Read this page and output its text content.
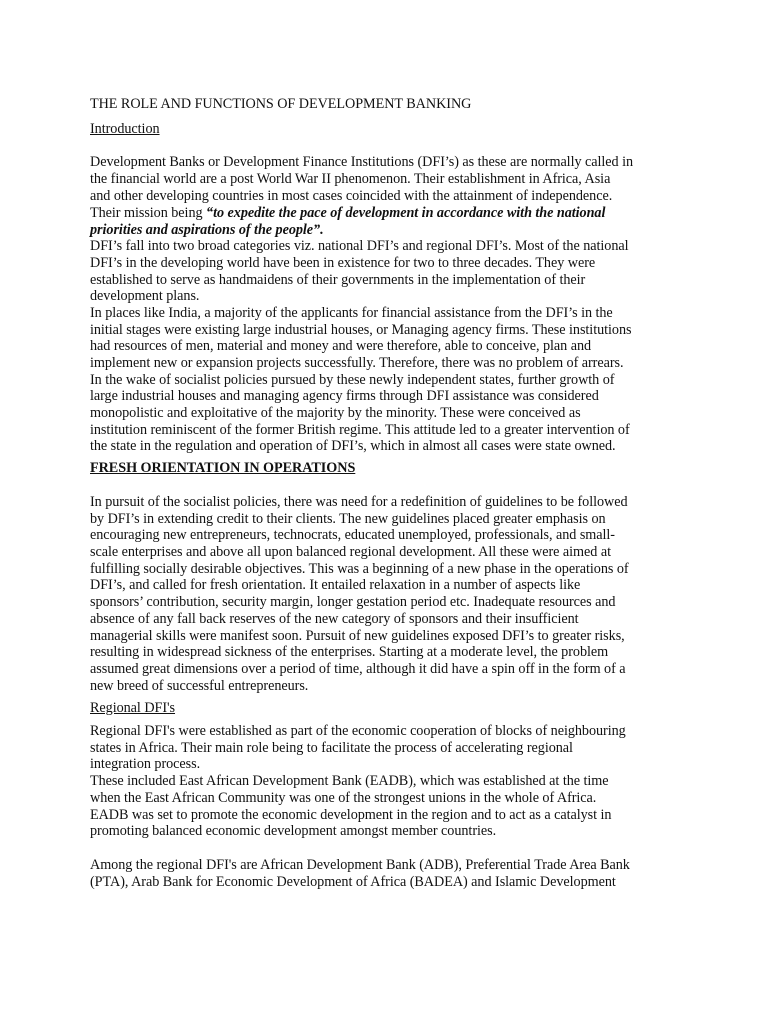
THE ROLE AND FUNCTIONS OF DEVELOPMENT BANKING
Introduction
Development Banks or Development Finance Institutions (DFI’s) as these are normally called in
the financial world are a post World War II phenomenon. Their establishment in Africa, Asia
and other developing countries in most cases coincided with the attainment of independence.
Their mission being “to expedite the pace of development in accordance with the national
priorities and aspirations of the people”.
DFI’s fall into two broad categories viz. national DFI’s and regional DFI’s. Most of the national
DFI’s in the developing world have been in existence for two to three decades. They were
established to serve as handmaidens of their governments in the implementation of their
development plans.
In places like India, a majority of the applicants for financial assistance from the DFI’s in the
initial stages were existing large industrial houses, or Managing agency firms. These institutions
had resources of men, material and money and were therefore, able to conceive, plan and
implement new or expansion projects successfully. Therefore, there was no problem of arrears.
In the wake of socialist policies pursued by these newly independent states, further growth of
large industrial houses and managing agency firms through DFI assistance was considered
monopolistic and exploitative of the majority by the minority. These were conceived as
institution reminiscent of the former British regime. This attitude led to a greater intervention of
the state in the regulation and operation of DFI’s, which in almost all cases were state owned.
FRESH ORIENTATION IN OPERATIONS
In pursuit of the socialist policies, there was need for a redefinition of guidelines to be followed
by DFI’s in extending credit to their clients. The new guidelines placed greater emphasis on
encouraging new entrepreneurs, technocrats, educated unemployed, professionals, and small-
scale enterprises and above all upon balanced regional development. All these were aimed at
fulfilling socially desirable objectives. This was a beginning of a new phase in the operations of
DFI’s, and called for fresh orientation. It entailed relaxation in a number of aspects like
sponsors’ contribution, security margin, longer gestation period etc. Inadequate resources and
absence of any fall back reserves of the new category of sponsors and their insufficient
managerial skills were manifest soon. Pursuit of new guidelines exposed DFI’s to greater risks,
resulting in widespread sickness of the enterprises. Starting at a moderate level, the problem
assumed great dimensions over a period of time, although it did have a spin off in the form of a
new breed of successful entrepreneurs.
Regional DFI's
Regional DFI's were established as part of the economic cooperation of blocks of neighbouring
states in Africa. Their main role being to facilitate the process of accelerating regional
integration process.
These included East African Development Bank (EADB), which was established at the time
when the East African Community was one of the strongest unions in the whole of Africa.
EADB was set to promote the economic development in the region and to act as a catalyst in
promoting balanced economic development amongst member countries.
Among the regional DFI's are African Development Bank (ADB), Preferential Trade Area Bank
(PTA), Arab Bank for Economic Development of Africa (BADEA) and Islamic Development
